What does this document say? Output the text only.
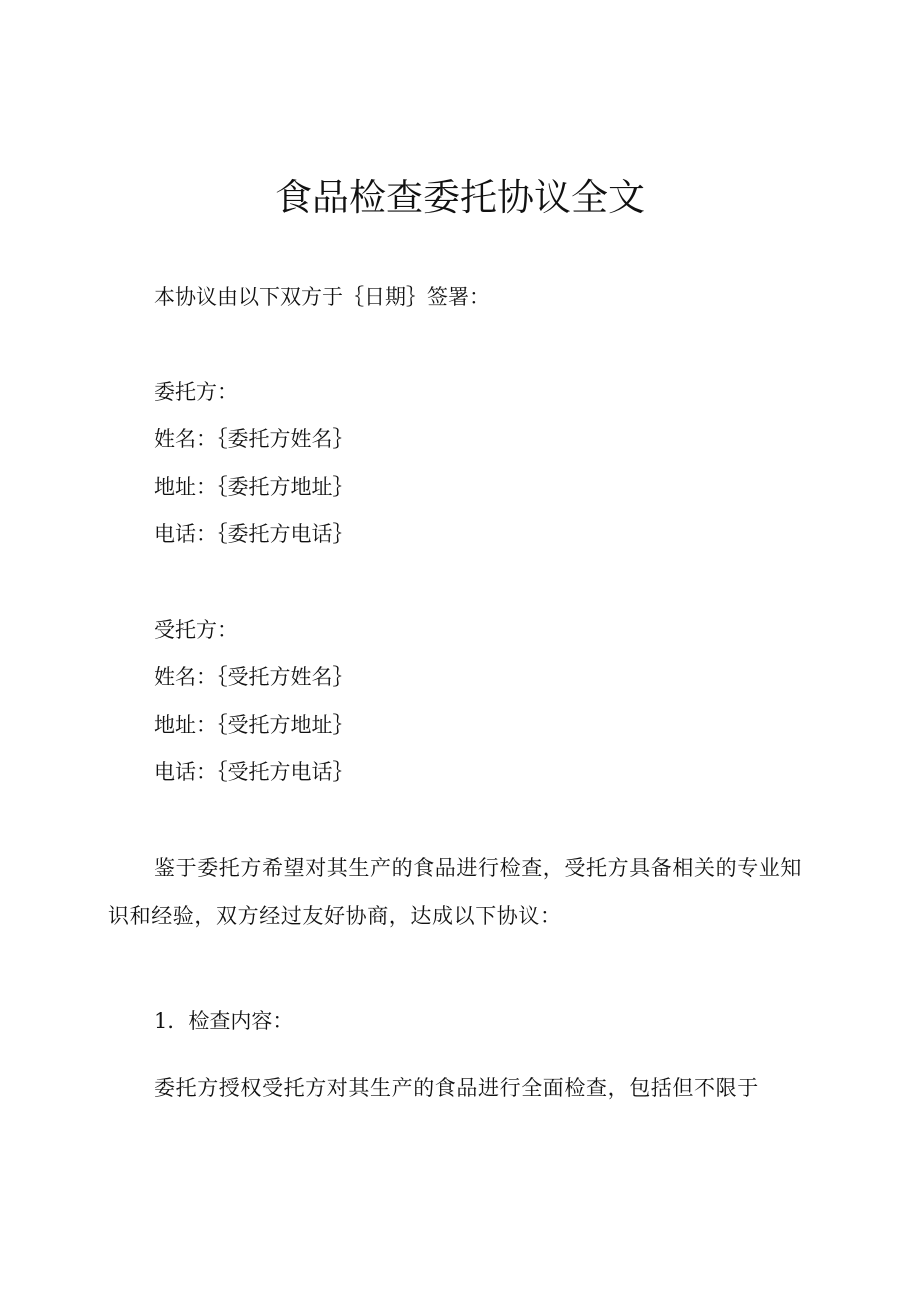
食品检查委托协议全文

本协议由以下双方于｛日期｝签署：

委托方：

姓名：｛委托方姓名｝

地址：｛委托方地址｝

电话：｛委托方电话｝

受托方：

姓名：｛受托方姓名｝

地址：｛受托方地址｝

电话：｛受托方电话｝

鉴于委托方希望对其生产的食品进行检查，受托方具备相关的专业知识和经验，双方经过友好协商，达成以下协议：

1．检查内容：

委托方授权受托方对其生产的食品进行全面检查，包括但不限于
